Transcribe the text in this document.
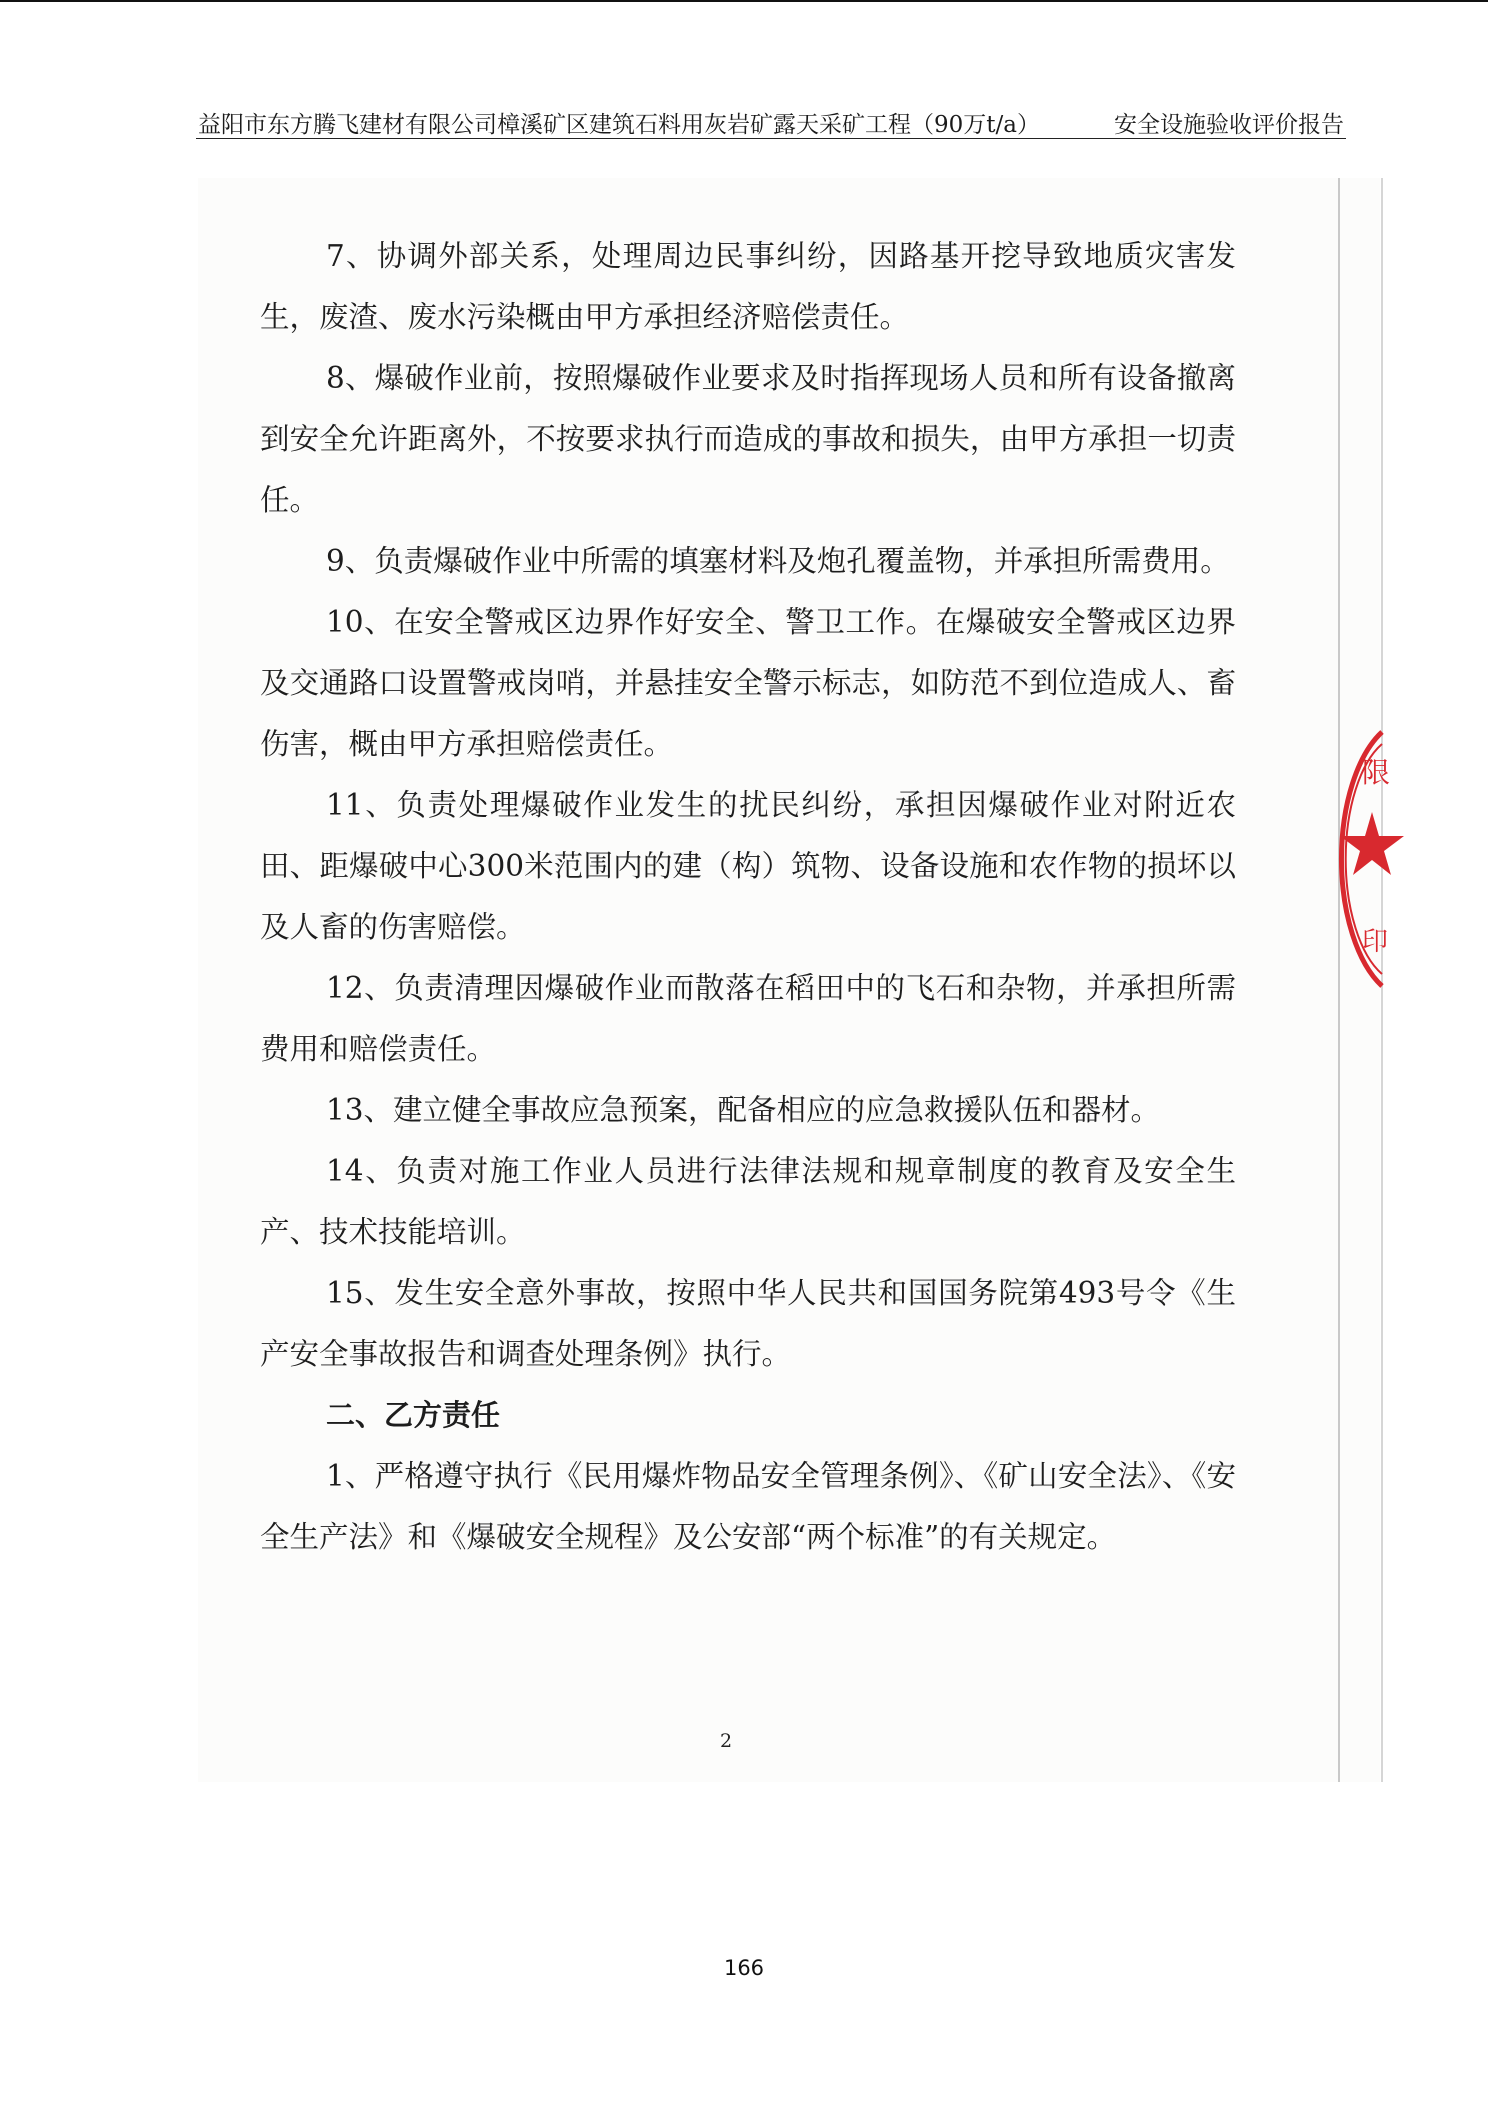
益阳市东方腾飞建材有限公司樟溪矿区建筑石料用灰岩矿露天采矿工程（90万t/a）	安全设施验收评价报告

7、协调外部关系，处理周边民事纠纷，因路基开挖导致地质灾害发生，废渣、废水污染概由甲方承担经济赔偿责任。

8、爆破作业前，按照爆破作业要求及时指挥现场人员和所有设备撤离到安全允许距离外，不按要求执行而造成的事故和损失，由甲方承担一切责任。

9、负责爆破作业中所需的填塞材料及炮孔覆盖物，并承担所需费用。

10、在安全警戒区边界作好安全、警卫工作。在爆破安全警戒区边界及交通路口设置警戒岗哨，并悬挂安全警示标志，如防范不到位造成人、畜伤害，概由甲方承担赔偿责任。

11、负责处理爆破作业发生的扰民纠纷，承担因爆破作业对附近农田、距爆破中心300米范围内的建（构）筑物、设备设施和农作物的损坏以及人畜的伤害赔偿。

12、负责清理因爆破作业而散落在稻田中的飞石和杂物，并承担所需费用和赔偿责任。

13、建立健全事故应急预案，配备相应的应急救援队伍和器材。

14、负责对施工作业人员进行法律法规和规章制度的教育及安全生产、技术技能培训。

15、发生安全意外事故，按照中华人民共和国国务院第493号令《生产安全事故报告和调查处理条例》执行。

二、乙方责任

1、严格遵守执行《民用爆炸物品安全管理条例》、《矿山安全法》、《安全生产法》和《爆破安全规程》及公安部“两个标准”的有关规定。

2
166
限
印
